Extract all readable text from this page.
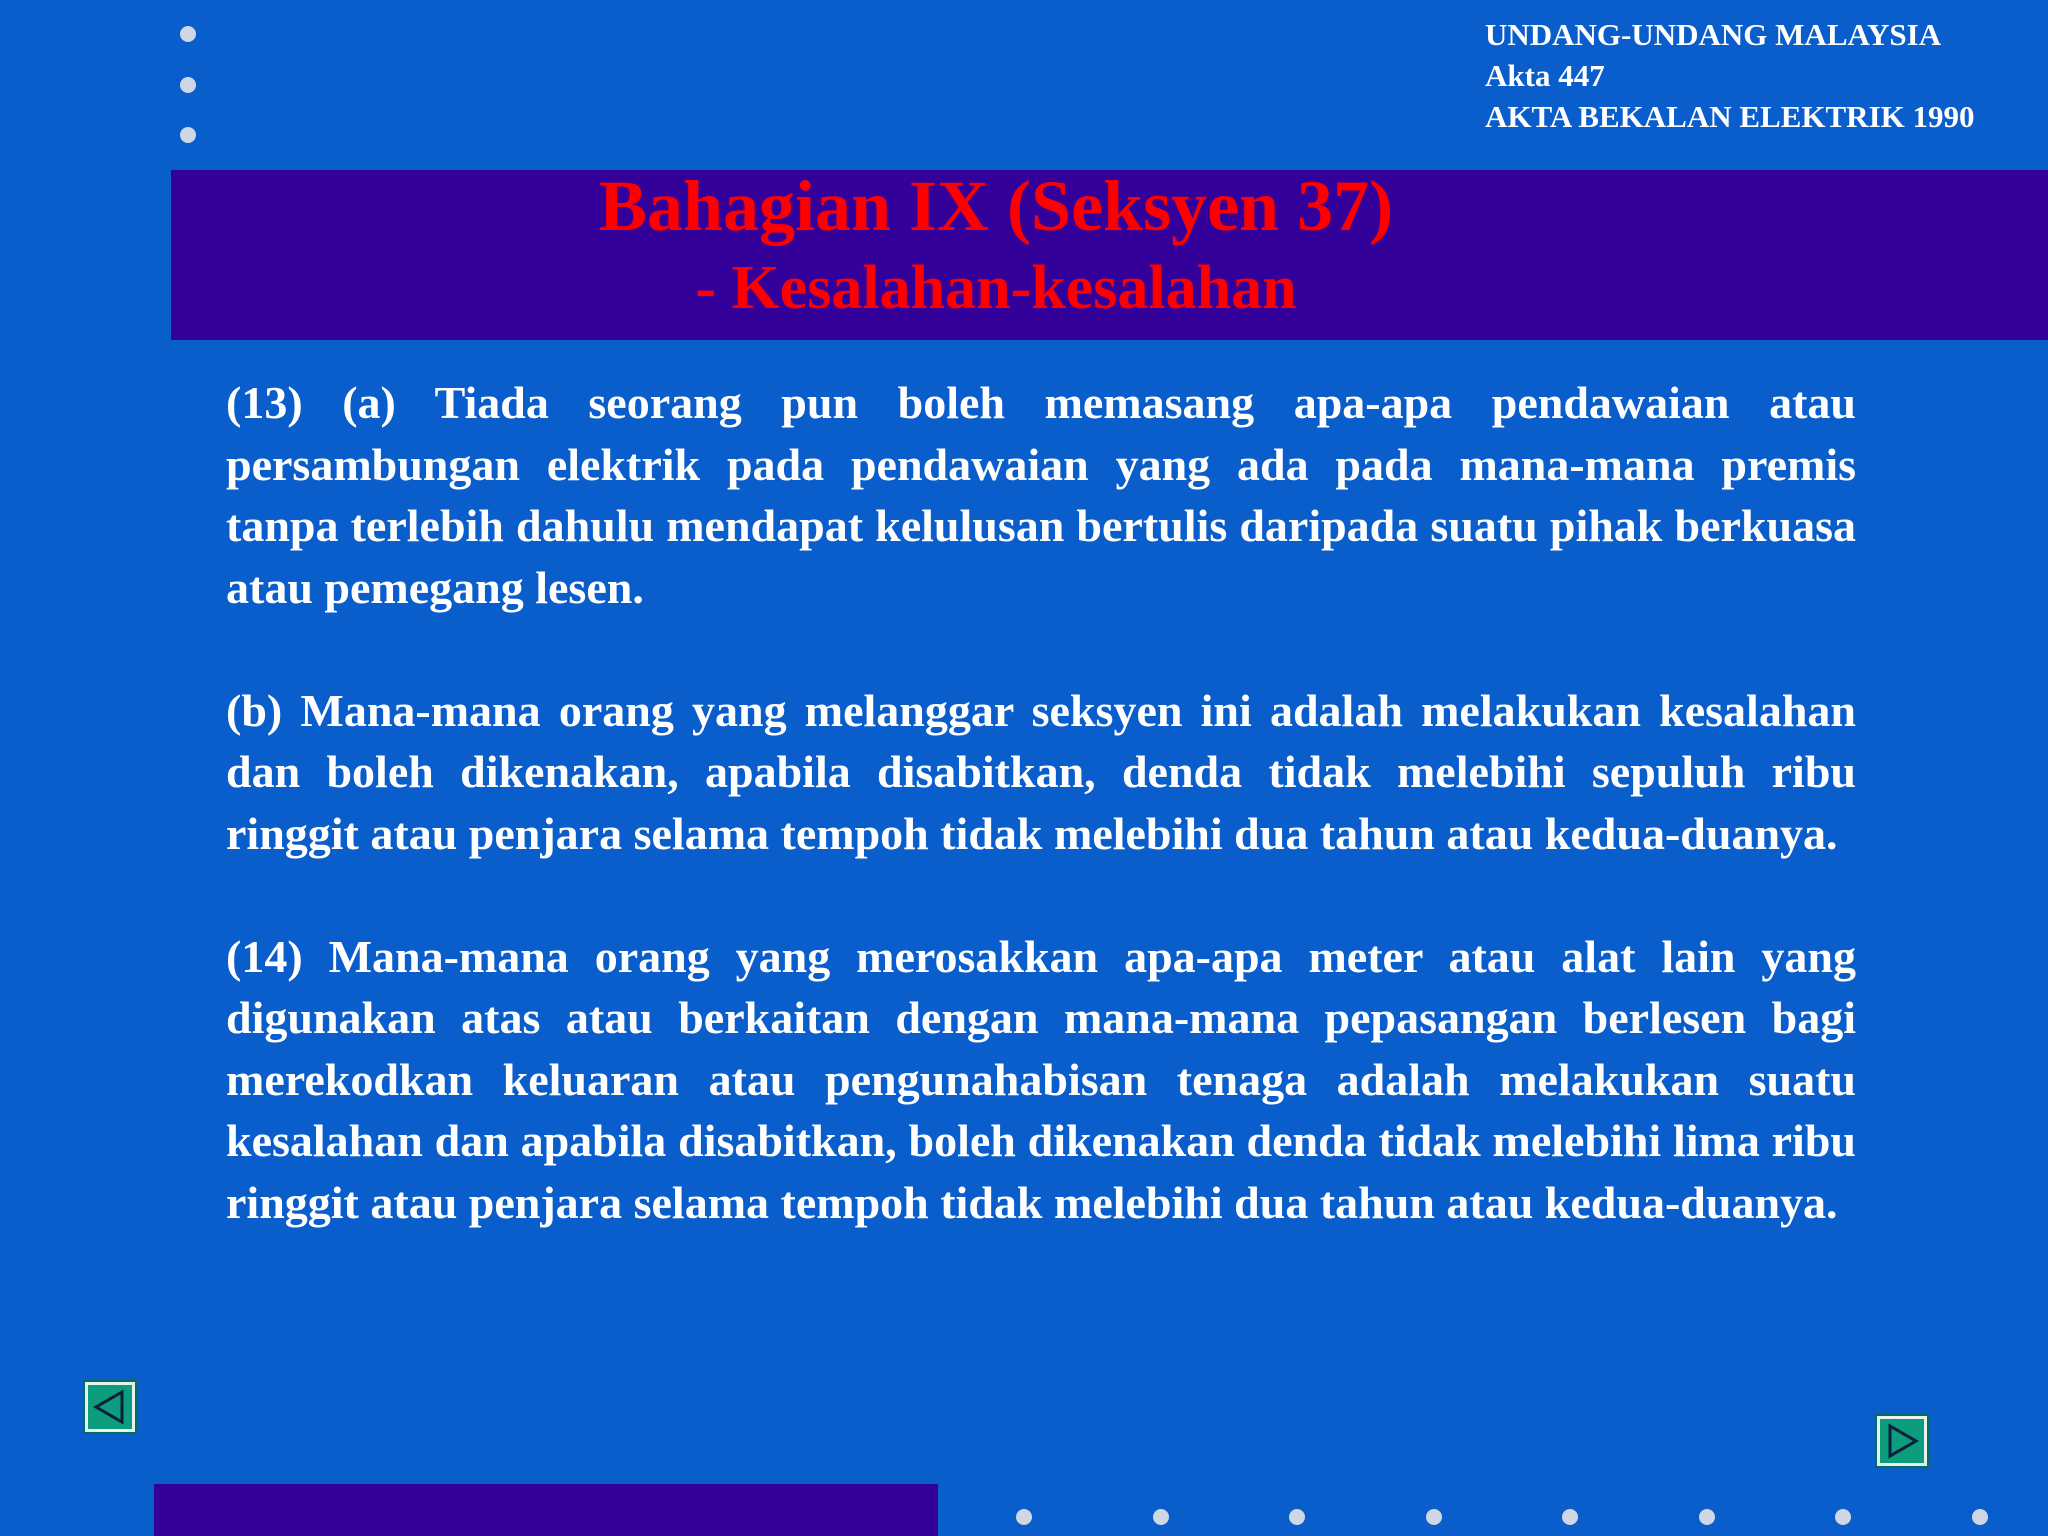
UNDANG-UNDANG MALAYSIA
Akta 447
AKTA BEKALAN ELEKTRIK 1990
Bahagian IX (Seksyen 37)
- Kesalahan-kesalahan

(13) (a) Tiada seorang pun boleh memasang apa-apa pendawaian atau persambungan elektrik pada pendawaian yang ada pada mana-mana premis tanpa terlebih dahulu mendapat kelulusan bertulis daripada suatu pihak berkuasa atau pemegang lesen.

(b) Mana-mana orang yang melanggar seksyen ini adalah melakukan kesalahan dan boleh dikenakan, apabila disabitkan, denda tidak melebihi sepuluh ribu ringgit atau penjara selama tempoh tidak melebihi dua tahun atau kedua-duanya.

(14) Mana-mana orang yang merosakkan apa-apa meter atau alat lain yang digunakan atas atau berkaitan dengan mana-mana pepasangan berlesen bagi merekodkan keluaran atau pengunahabisan tenaga adalah melakukan suatu kesalahan dan apabila disabitkan, boleh dikenakan denda tidak melebihi lima ribu ringgit atau penjara selama tempoh tidak melebihi dua tahun atau kedua-duanya.
